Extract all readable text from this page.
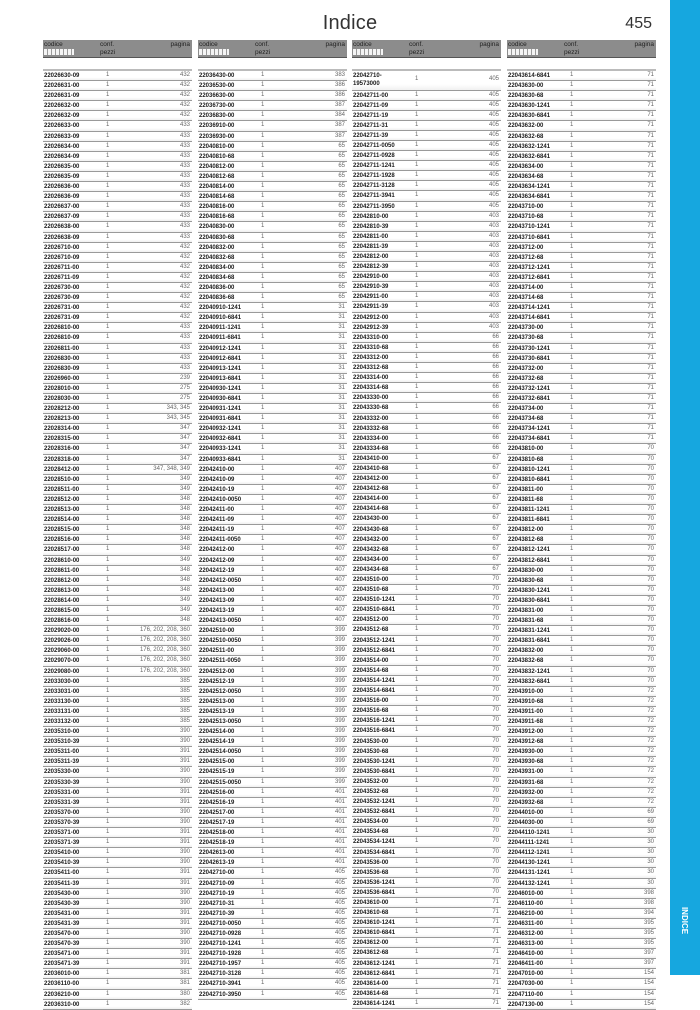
Indice	455
INDICE
codice	conf.
pezzi
pagina
22026630-09	1	432
22026631-00	1	432
22026631-09	1	432
22026632-00	1	432
22026632-09	1	432
22026633-00	1	433
22026633-09	1	433
22026634-00	1	433
22026634-09	1	433
22026635-00	1	433
22026635-09	1	433
22026636-00	1	433
22026636-09	1	433
22026637-00	1	433
22026637-09	1	433
22026638-00	1	433
22026638-09	1	433
22026710-00	1	432
22026710-09	1	432
22026711-00	1	432
22026711-09	1	432
22026730-00	1	432
22026730-09	1	432
22026731-00	1	432
22026731-09	1	432
22026810-00	1	433
22026810-09	1	433
22026811-00	1	433
22026830-00	1	433
22026830-09	1	433
22026960-00	1	239
22028010-00	1	275
22028030-00	1	275
22028212-00	1	343, 345
22028213-00	1	343, 345
22028314-00	1	347
22028315-00	1	347
22028316-00	1	347
22028318-00	1	347
22028412-00	1	347, 348, 349
22028510-00	1	349
22028511-00	1	349
22028512-00	1	348
22028513-00	1	348
22028514-00	1	348
22028515-00	1	348
22028516-00	1	348
22028517-00	1	348
22028610-00	1	349
22028611-00	1	348
22028612-00	1	348
22028613-00	1	348
22028614-00	1	349
22028615-00	1	349
22028616-00	1	348
22029020-00	1	176, 202, 208, 360
22029026-00	1	176, 202, 208, 360
22029060-00	1	176, 202, 208, 360
22029070-00	1	176, 202, 208, 360
22029080-00	1	176, 202, 208, 360
22033030-00	1	385
22033031-00	1	385
22033130-00	1	385
22033131-00	1	385
22033132-00	1	385
22035310-00	1	390
22035310-39	1	390
22035311-00	1	391
22035311-39	1	391
22035330-00	1	390
22035330-39	1	390
22035331-00	1	391
22035331-39	1	391
22035370-00	1	390
22035370-39	1	390
22035371-00	1	391
22035371-39	1	391
22035410-00	1	390
22035410-39	1	390
22035411-00	1	391
22035411-39	1	391
22035430-00	1	390
22035430-39	1	390
22035431-00	1	391
22035431-39	1	391
22035470-00	1	390
22035470-39	1	390
22035471-00	1	391
22035471-39	1	391
22036010-00	1	381
22036110-00	1	381
22036210-00	1	380
22036310-00	1	382
codice	conf.
pezzi
pagina
22036430-00	1	383
22036530-00	1	386
22036630-00	1	386
22036730-00	1	387
22036830-00	1	384
22036910-00	1	387
22036930-00	1	387
22040810-00	1	65
22040810-68	1	65
22040812-00	1	65
22040812-68	1	65
22040814-00	1	65
22040814-68	1	65
22040816-00	1	65
22040816-68	1	65
22040830-00	1	65
22040830-68	1	65
22040832-00	1	65
22040832-68	1	65
22040834-00	1	65
22040834-68	1	65
22040836-00	1	65
22040836-68	1	65
22040910-1241	1	31
22040910-6841	1	31
22040911-1241	1	31
22040911-6841	1	31
22040912-1241	1	31
22040912-6841	1	31
22040913-1241	1	31
22040913-6841	1	31
22040930-1241	1	31
22040930-6841	1	31
22040931-1241	1	31
22040931-6841	1	31
22040932-1241	1	31
22040932-6841	1	31
22040933-1241	1	31
22040933-6841	1	31
22042410-00	1	407
22042410-09	1	407
22042410-19	1	407
22042410-0050	1	407
22042411-00	1	407
22042411-09	1	407
22042411-19	1	407
22042411-0050	1	407
22042412-00	1	407
22042412-09	1	407
22042412-19	1	407
22042412-0050	1	407
22042413-00	1	407
22042413-09	1	407
22042413-19	1	407
22042413-0050	1	407
22042510-00	1	399
22042510-0050	1	399
22042511-00	1	399
22042511-0050	1	399
22042512-00	1	399
22042512-19	1	399
22042512-0050	1	399
22042513-00	1	399
22042513-19	1	399
22042513-0050	1	399
22042514-00	1	399
22042514-19	1	399
22042514-0050	1	399
22042515-00	1	399
22042515-19	1	399
22042515-0050	1	399
22042516-00	1	401
22042516-19	1	401
22042517-00	1	401
22042517-19	1	401
22042518-00	1	401
22042518-19	1	401
22042613-00	1	401
22042613-19	1	401
22042710-00	1	405
22042710-09	1	405
22042710-19	1	405
22042710-31	1	405
22042710-39	1	405
22042710-0050	1	405
22042710-0928	1	405
22042710-1241	1	405
22042710-1928	1	405
22042710-1957	1	405
22042710-3128	1	405
22042710-3941	1	405
22042710-3950	1	405
codice	conf.
pezzi
pagina
22042710-
19573000
1	405
22042711-00	1	405
22042711-09	1	405
22042711-19	1	405
22042711-31	1	405
22042711-39	1	405
22042711-0050	1	405
22042711-0928	1	405
22042711-1241	1	405
22042711-1928	1	405
22042711-3128	1	405
22042711-3941	1	405
22042711-3950	1	405
22042810-00	1	403
22042810-39	1	403
22042811-00	1	403
22042811-39	1	403
22042812-00	1	403
22042812-39	1	403
22042910-00	1	403
22042910-39	1	403
22042911-00	1	403
22042911-39	1	403
22042912-00	1	403
22042912-39	1	403
22043310-00	1	66
22043310-68	1	66
22043312-00	1	66
22043312-68	1	66
22043314-00	1	66
22043314-68	1	66
22043330-00	1	66
22043330-68	1	66
22043332-00	1	66
22043332-68	1	66
22043334-00	1	66
22043334-68	1	66
22043410-00	1	67
22043410-68	1	67
22043412-00	1	67
22043412-68	1	67
22043414-00	1	67
22043414-68	1	67
22043430-00	1	67
22043430-68	1	67
22043432-00	1	67
22043432-68	1	67
22043434-00	1	67
22043434-68	1	67
22043510-00	1	70
22043510-68	1	70
22043510-1241	1	70
22043510-6841	1	70
22043512-00	1	70
22043512-68	1	70
22043512-1241	1	70
22043512-6841	1	70
22043514-00	1	70
22043514-68	1	70
22043514-1241	1	70
22043514-6841	1	70
22043516-00	1	70
22043516-68	1	70
22043516-1241	1	70
22043516-6841	1	70
22043530-00	1	70
22043530-68	1	70
22043530-1241	1	70
22043530-6841	1	70
22043532-00	1	70
22043532-68	1	70
22043532-1241	1	70
22043532-6841	1	70
22043534-00	1	70
22043534-68	1	70
22043534-1241	1	70
22043534-6841	1	70
22043536-00	1	70
22043536-68	1	70
22043536-1241	1	70
22043536-6841	1	70
22043610-00	1	71
22043610-68	1	71
22043610-1241	1	71
22043610-6841	1	71
22043612-00	1	71
22043612-68	1	71
22043612-1241	1	71
22043612-6841	1	71
22043614-00	1	71
22043614-68	1	71
22043614-1241	1	71
codice	conf.
pezzi
pagina
22043614-6841	1	71
22043630-00	1	71
22043630-68	1	71
22043630-1241	1	71
22043630-6841	1	71
22043632-00	1	71
22043632-68	1	71
22043632-1241	1	71
22043632-6841	1	71
22043634-00	1	71
22043634-68	1	71
22043634-1241	1	71
22043634-6841	1	71
22043710-00	1	71
22043710-68	1	71
22043710-1241	1	71
22043710-6841	1	71
22043712-00	1	71
22043712-68	1	71
22043712-1241	1	71
22043712-6841	1	71
22043714-00	1	71
22043714-68	1	71
22043714-1241	1	71
22043714-6841	1	71
22043730-00	1	71
22043730-68	1	71
22043730-1241	1	71
22043730-6841	1	71
22043732-00	1	71
22043732-68	1	71
22043732-1241	1	71
22043732-6841	1	71
22043734-00	1	71
22043734-68	1	71
22043734-1241	1	71
22043734-6841	1	71
22043810-00	1	70
22043810-68	1	70
22043810-1241	1	70
22043810-6841	1	70
22043811-00	1	70
22043811-68	1	70
22043811-1241	1	70
22043811-6841	1	70
22043812-00	1	70
22043812-68	1	70
22043812-1241	1	70
22043812-6841	1	70
22043830-00	1	70
22043830-68	1	70
22043830-1241	1	70
22043830-6841	1	70
22043831-00	1	70
22043831-68	1	70
22043831-1241	1	70
22043831-6841	1	70
22043832-00	1	70
22043832-68	1	70
22043832-1241	1	70
22043832-6841	1	70
22043910-00	1	72
22043910-68	1	72
22043911-00	1	72
22043911-68	1	72
22043912-00	1	72
22043912-68	1	72
22043930-00	1	72
22043930-68	1	72
22043931-00	1	72
22043931-68	1	72
22043932-00	1	72
22043932-68	1	72
22044010-00	1	69
22044030-00	1	69
22044110-1241	1	30
22044111-1241	1	30
22044112-1241	1	30
22044130-1241	1	30
22044131-1241	1	30
22044132-1241	1	30
22046010-00	1	398
22046110-00	1	398
22046210-00	1	394
22046311-00	1	395
22046312-00	1	395
22046313-00	1	395
22046410-00	1	397
22046411-00	1	397
22047010-00	1	154
22047030-00	1	154
22047110-00	1	154
22047130-00	1	154
